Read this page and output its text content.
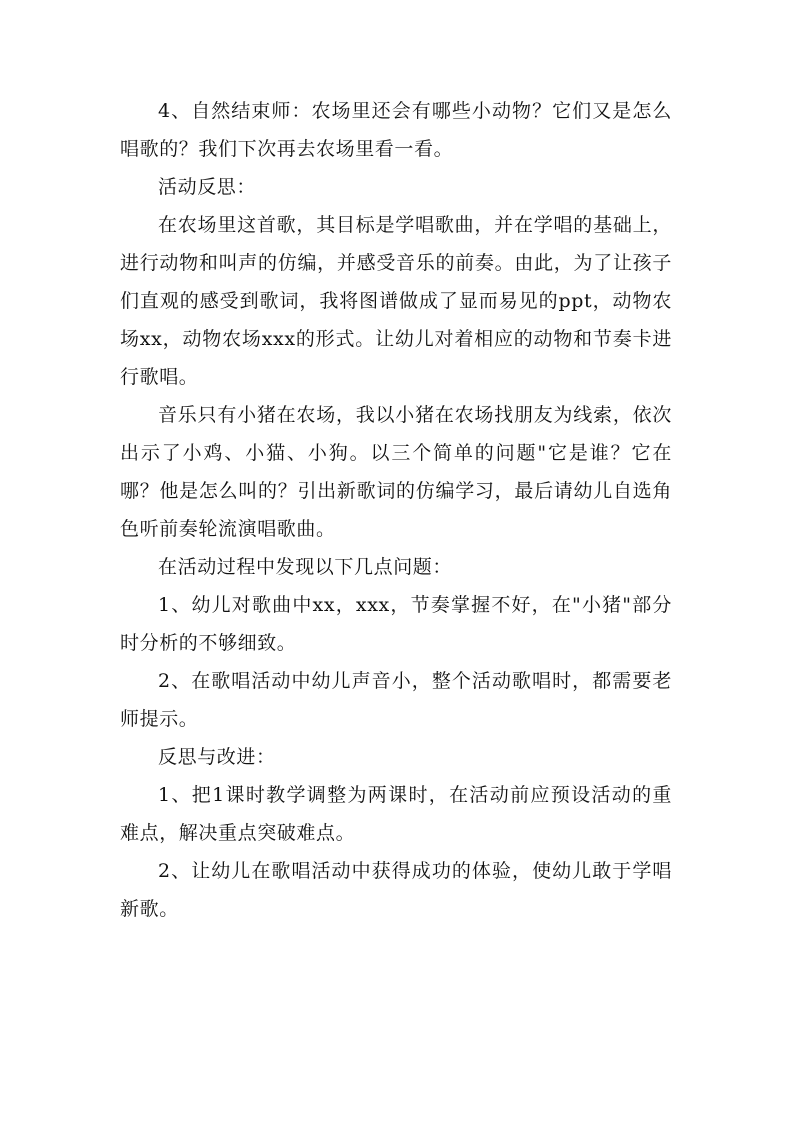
4、自然结束师：农场里还会有哪些小动物？它们又是怎么唱歌的？我们下次再去农场里看一看。

活动反思：

在农场里这首歌，其目标是学唱歌曲，并在学唱的基础上，进行动物和叫声的仿编，并感受音乐的前奏。由此，为了让孩子们直观的感受到歌词，我将图谱做成了显而易见的ppt，动物农场xx，动物农场xxx的形式。让幼儿对着相应的动物和节奏卡进行歌唱。

音乐只有小猪在农场，我以小猪在农场找朋友为线索，依次出示了小鸡、小猫、小狗。以三个简单的问题"它是谁？它在哪？他是怎么叫的？引出新歌词的仿编学习，最后请幼儿自选角色听前奏轮流演唱歌曲。

在活动过程中发现以下几点问题：

1、幼儿对歌曲中xx，xxx，节奏掌握不好，在"小猪"部分时分析的不够细致。

2、在歌唱活动中幼儿声音小，整个活动歌唱时，都需要老师提示。

反思与改进：

1、把1课时教学调整为两课时，在活动前应预设活动的重难点，解决重点突破难点。

2、让幼儿在歌唱活动中获得成功的体验，使幼儿敢于学唱新歌。
